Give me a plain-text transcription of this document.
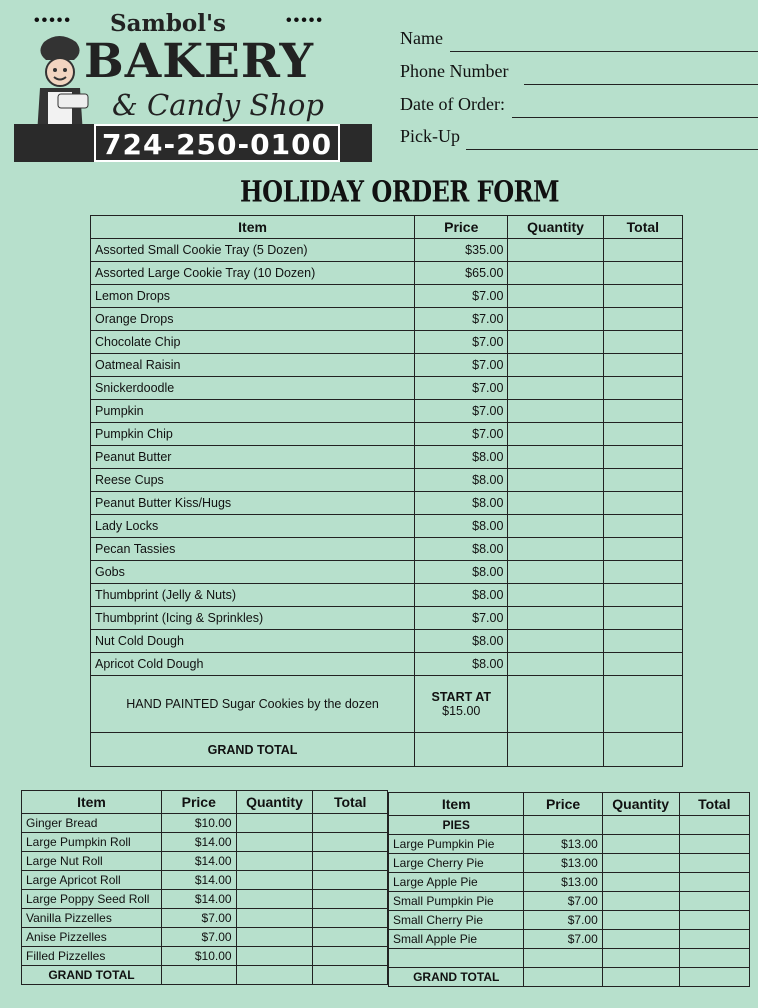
••••• Sambol's	•••••
BAKERY
& Candy Shop
724-250-0100
Name
Phone Number
Date of Order:
Pick-Up
HOLIDAY ORDER FORM
Item	Price	Quantity	Total
Assorted Small Cookie Tray (5 Dozen)	$35.00		
Assorted Large Cookie Tray (10 Dozen)	$65.00		
Lemon Drops	$7.00		
Orange Drops	$7.00		
Chocolate Chip	$7.00		
Oatmeal Raisin	$7.00		
Snickerdoodle	$7.00		
Pumpkin	$7.00		
Pumpkin Chip	$7.00		
Peanut Butter	$8.00		
Reese Cups	$8.00		
Peanut Butter Kiss/Hugs	$8.00		
Lady Locks	$8.00		
Pecan Tassies	$8.00		
Gobs	$8.00		
Thumbprint (Jelly & Nuts)	$8.00		
Thumbprint (Icing & Sprinkles)	$7.00		
Nut Cold Dough	$8.00		
Apricot Cold Dough	$8.00		
HAND PAINTED Sugar Cookies by the dozen	START AT
$15.00		

GRAND TOTAL			
Item	Price	Quantity	Total
Ginger Bread	$10.00		
Large Pumpkin Roll	$14.00		
Large Nut Roll	$14.00		
Large Apricot Roll	$14.00		
Large Poppy Seed Roll	$14.00		
Vanilla Pizzelles	$7.00		
Anise Pizzelles	$7.00		
Filled Pizzelles	$10.00		
GRAND TOTAL			
Item	Price	Quantity	Total
PIES			
Large Pumpkin Pie	$13.00		
Large Cherry Pie	$13.00		
Large Apple Pie	$13.00		
Small Pumpkin Pie	$7.00		
Small Cherry Pie	$7.00		
Small Apple Pie	$7.00		

GRAND TOTAL			
